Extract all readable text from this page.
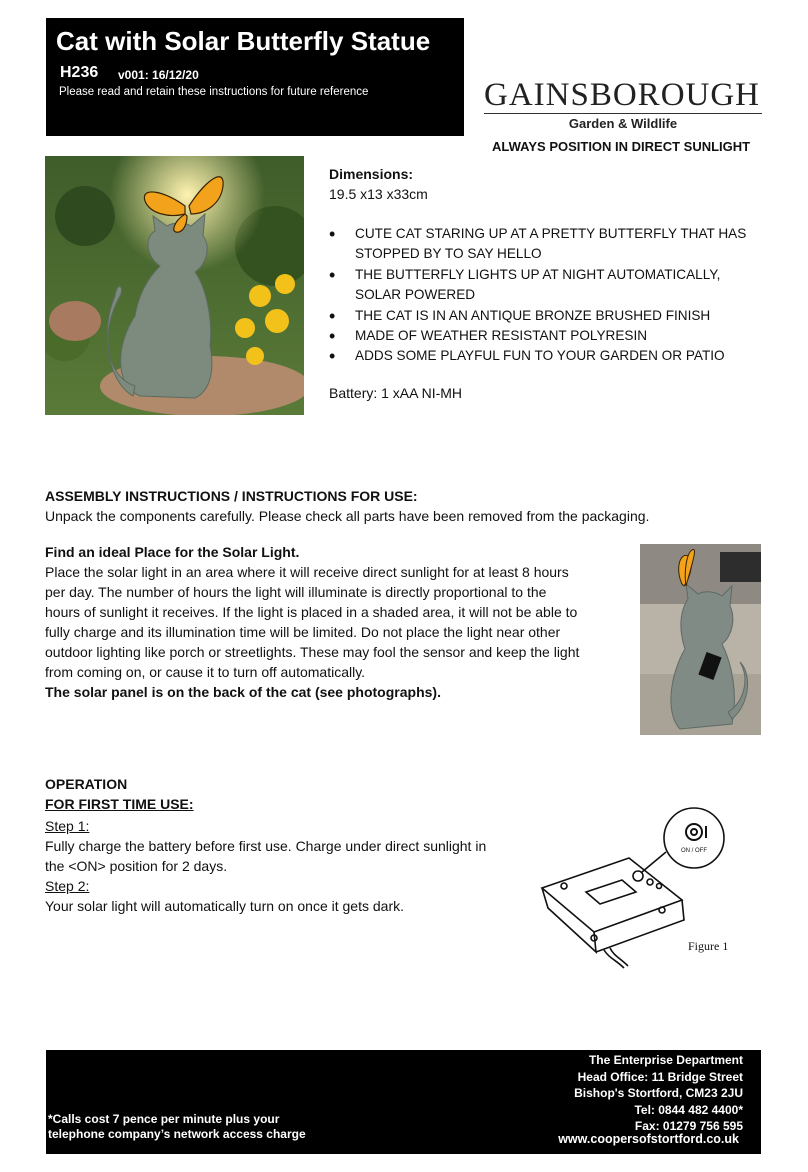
Cat with Solar Butterfly Statue
H236 v001: 16/12/20
Please read and retain these instructions for future reference	GAINSBOROUGH
Garden & Wildlife
ALWAYS POSITION IN DIRECT SUNLIGHT
Dimensions:
19.5 x13 x33cm
• CUTE CAT STARING UP AT A PRETTY BUTTERFLY THAT HAS STOPPED BY TO SAY HELLO
• THE BUTTERFLY LIGHTS UP AT NIGHT AUTOMATICALLY, SOLAR POWERED
• THE CAT IS IN AN ANTIQUE BRONZE BRUSHED FINISH
• MADE OF WEATHER RESISTANT POLYRESIN
• ADDS SOME PLAYFUL FUN TO YOUR GARDEN OR PATIO
Battery: 1 xAA NI-MH
ASSEMBLY INSTRUCTIONS / INSTRUCTIONS FOR USE:
Unpack the components carefully. Please check all parts have been removed from the packaging.
Find an ideal Place for the Solar Light.
Place the solar light in an area where it will receive direct sunlight for at least 8 hours
per day. The number of hours the light will illuminate is directly proportional to the
hours of sunlight it receives. If the light is placed in a shaded area, it will not be able to
fully charge and its illumination time will be limited. Do not place the light near other
outdoor lighting like porch or streetlights. These may fool the sensor and keep the light
from coming on, or cause it to turn off automatically.
The solar panel is on the back of the cat (see photographs).
OPERATION
FOR FIRST TIME USE:
Step 1:
Fully charge the battery before first use. Charge under direct sunlight in
the <ON> position for 2 days.
Step 2:
Your solar light will automatically turn on once it gets dark.
ON / OFF
Figure 1
*Calls cost 7 pence per minute plus your
telephone company’s network access charge
The Enterprise Department
Head Office: 11 Bridge Street
Bishop's Stortford, CM23 2JU
Tel: 0844 482 4400*
Fax: 01279 756 595
www.coopersofstortford.co.uk
